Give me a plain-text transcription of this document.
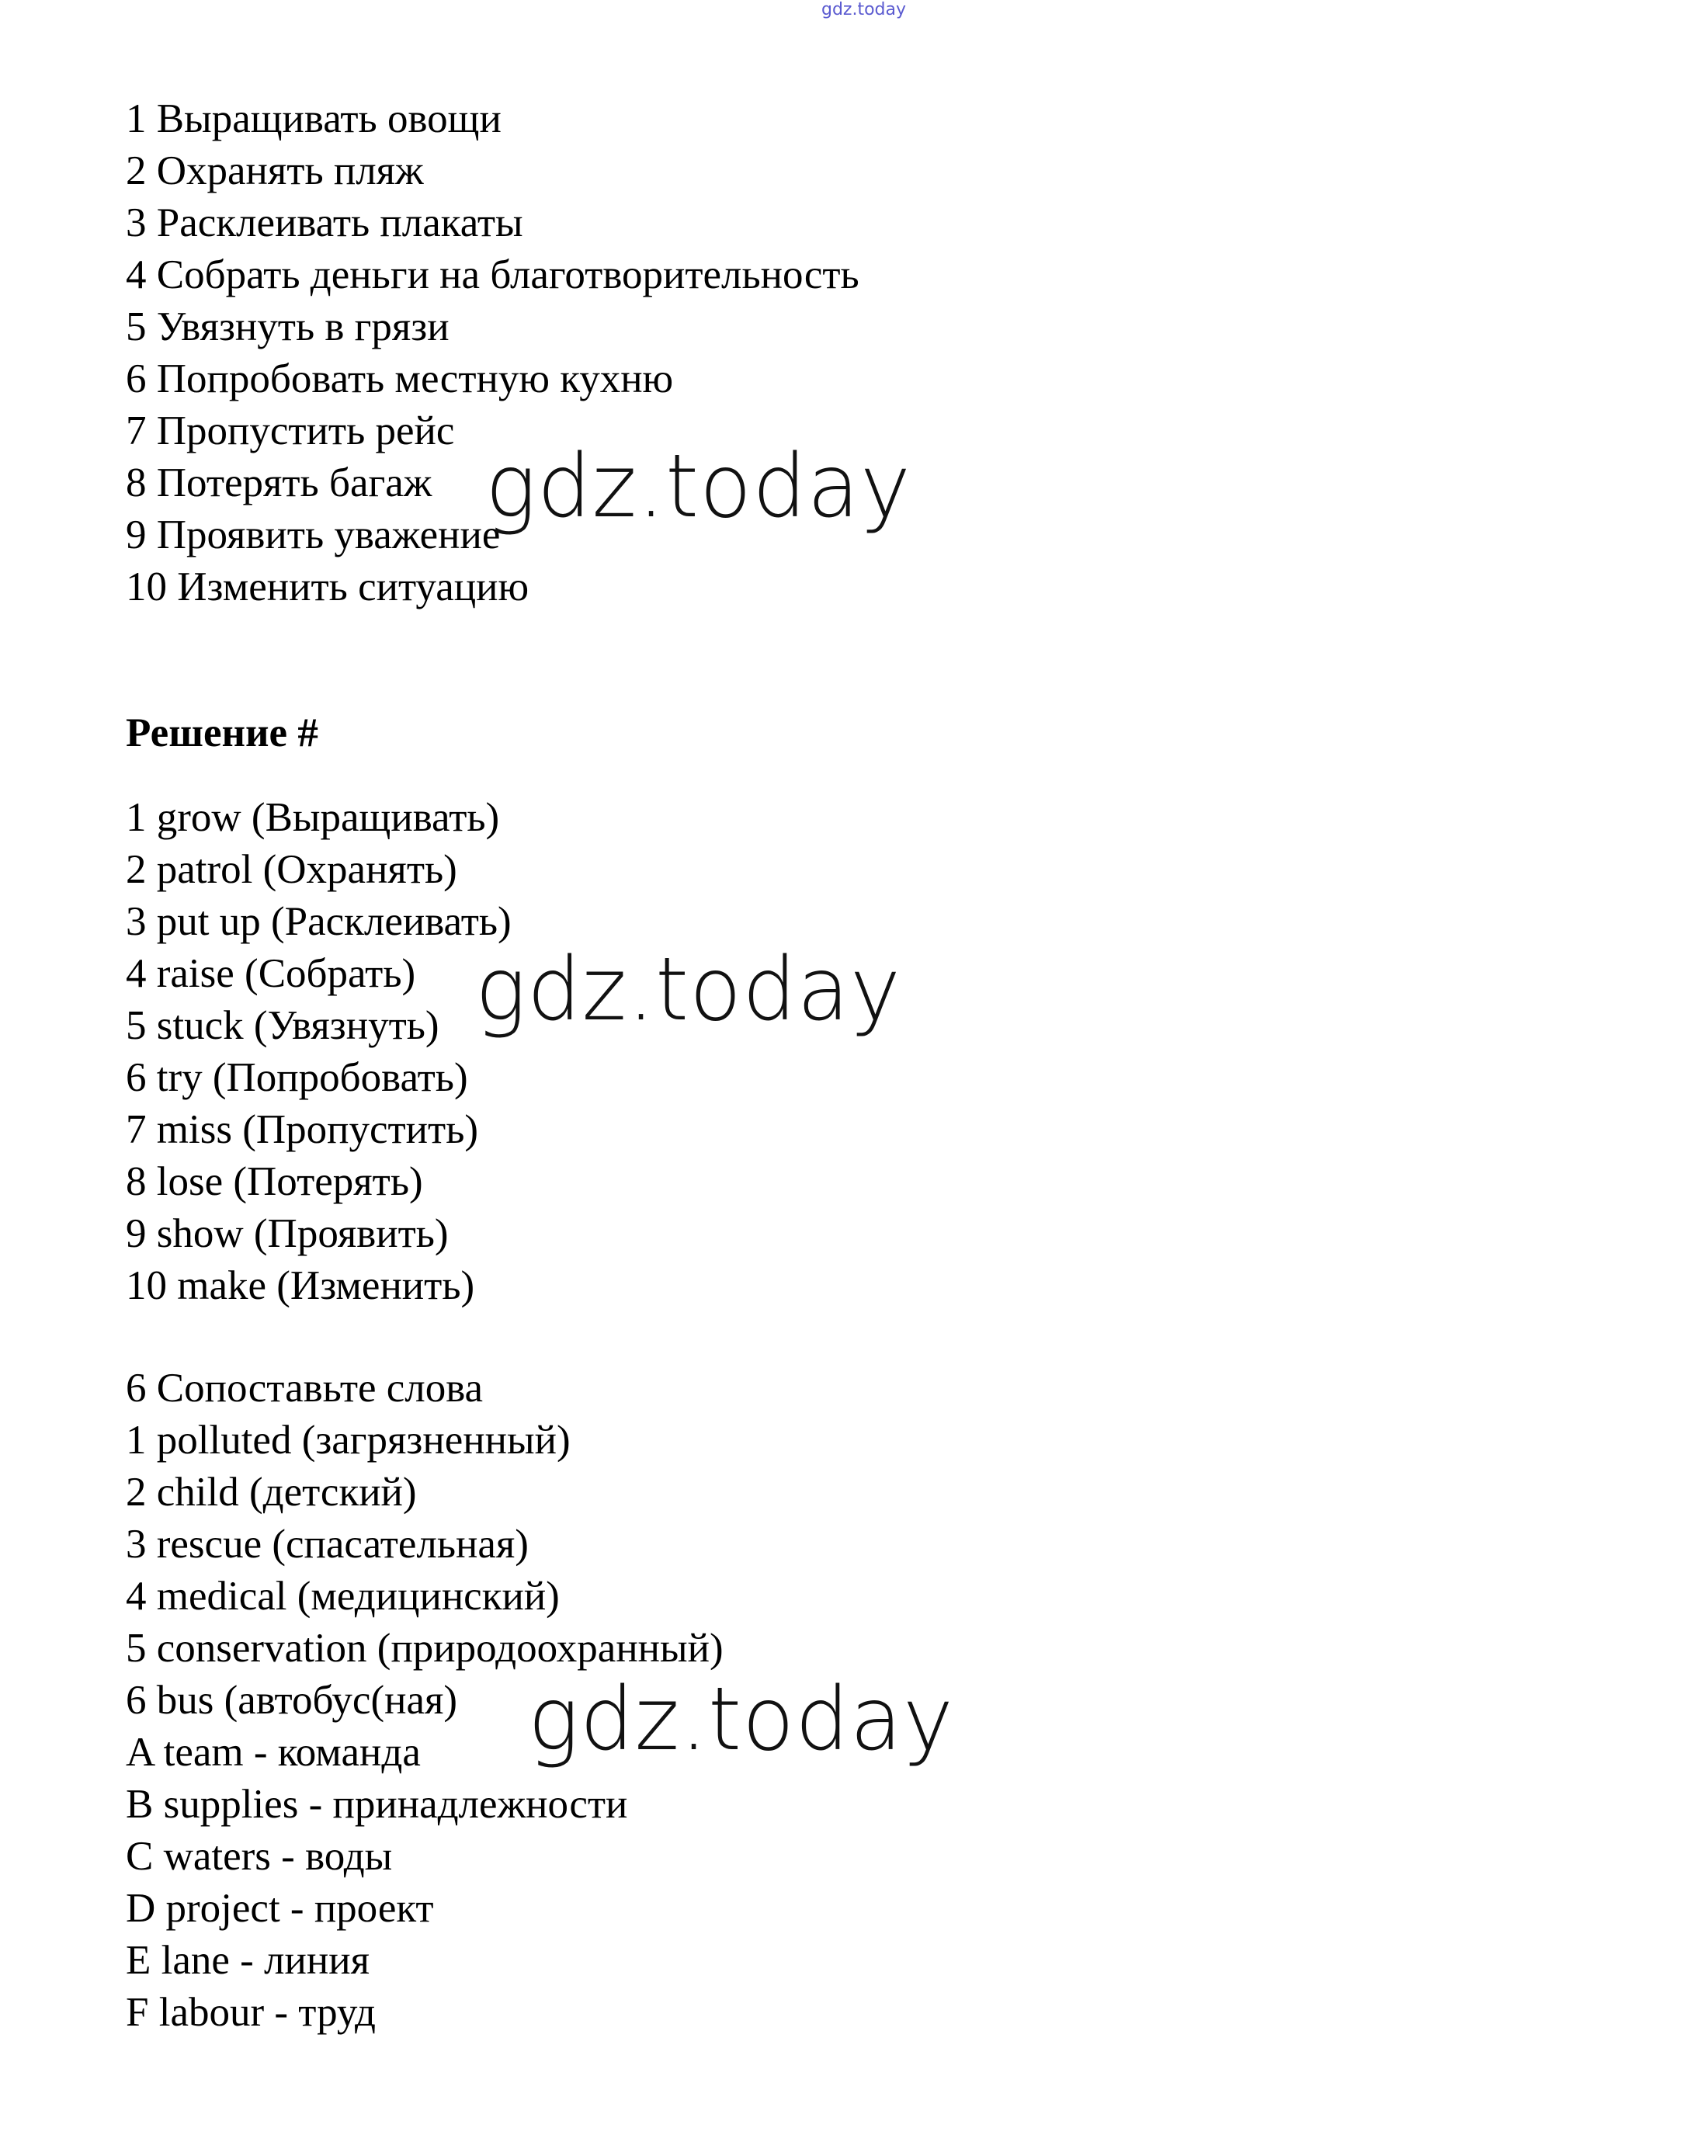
gdz.today
1 Выращивать овощи
2 Охранять пляж
3 Расклеивать плакаты
4 Собрать деньги на благотворительность
5 Увязнуть в грязи
6 Попробовать местную кухню
7 Пропустить рейс
8 Потерять багаж
9 Проявить уважение
10 Изменить ситуацию
Решение #
1 grow (Выращивать)
2 patrol (Охранять)
3 put up (Расклеивать)
4 raise (Собрать)
5 stuck (Увязнуть)
6 try (Попробовать)
7 miss (Пропустить)
8 lose (Потерять)
9 show (Проявить)
10 make (Изменить)
6 Сопоставьте слова
1 polluted (загрязненный)
2 child (детский)
3 rescue (спасательная)
4 medical (медицинский)
5 conservation (природоохранный)
6 bus (автобус(ная)
A team - команда
B supplies - принадлежности
C waters - воды
D project - проект
E lane - линия
F labour - труд
gdz.today
gdz.today
gdz.today
